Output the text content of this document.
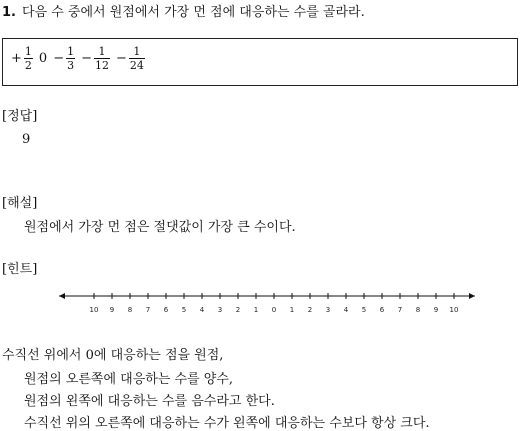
1. 다음 수 중에서 원점에서 가장 먼 점에 대응하는 수를 골라라.
+ $\frac{1}{2} 0 - \frac{1}{3} - \frac{1}{12} - \frac{1}{24}$
[정답]
9
[해설]
원점에서 가장 먼 점은 절댓값이 가장 큰 수이다.
[힌트]
10 9 8 7 6 5 4 3 2 1 0 1 2 3 4 5 6 7 8 9 10
수직선 위에서 0에 대응하는 점을 원점,
원점의 오른쪽에 대응하는 수를 양수,
원점의 왼쪽에 대응하는 수를 음수라고 한다.
수직선 위의 오른쪽에 대응하는 수가 왼쪽에 대응하는 수보다 항상 크다.
